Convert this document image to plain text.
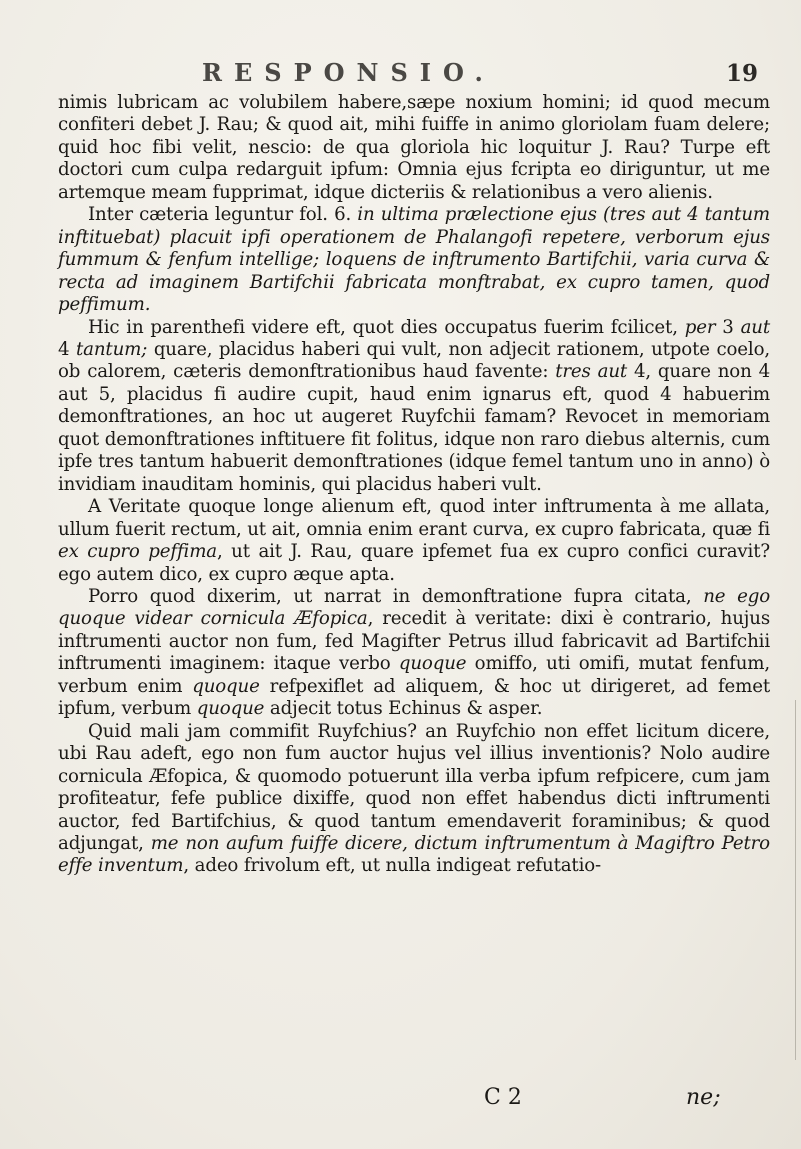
RESPONSIO.	19

nimis lubricam ac volubilem habere,sæpe noxium homini; id quod mecum confiteri debet J. Rau; & quod ait, mihi fuiffe in animo gloriolam fuam delere; quid hoc fibi velit, nescio: de qua gloriola hic loquitur J. Rau? Turpe eft doctori cum culpa redarguit ipfum: Omnia ejus fcripta eo diriguntur, ut me artemque meam fupprimat, idque dicteriis & relationibus a vero alienis.

Inter cæteria leguntur fol. 6. in ultima prælectione ejus (tres aut 4 tantum inftituebat) placuit ipfi operationem de Phalangofi repetere, verborum ejus fummum & fenfum intellige; loquens de inftrumento Bartifchii, varia curva & recta ad imaginem Bartifchii fabricata monftrabat, ex cupro tamen, quod peffimum.

Hic in parenthefi videre eft, quot dies occupatus fuerim fcilicet, per 3 aut 4 tantum; quare, placidus haberi qui vult, non adjecit rationem, utpote coelo, ob calorem, cæteris demonftrationibus haud favente: tres aut 4, quare non 4 aut 5, placidus fi audire cupit, haud enim ignarus eft, quod 4 habuerim demonftrationes, an hoc ut augeret Ruyfchii famam? Revocet in memoriam quot demonftrationes inftituere fit folitus, idque non raro diebus alternis, cum ipfe tres tantum habuerit demonftrationes (idque femel tantum uno in anno) ò invidiam inauditam hominis, qui placidus haberi vult.

A Veritate quoque longe alienum eft, quod inter inftrumenta à me allata, ullum fuerit rectum, ut ait, omnia enim erant curva, ex cupro fabricata, quæ fi ex cupro peffima, ut ait J. Rau, quare ipfemet fua ex cupro confici curavit? ego autem dico, ex cupro æque apta.

Porro quod dixerim, ut narrat in demonftratione fupra citata, ne ego quoque videar cornicula Æfopica, recedit à veritate: dixi è contrario, hujus inftrumenti auctor non fum, fed Magifter Petrus illud fabricavit ad Bartifchii inftrumenti imaginem: itaque verbo quoque omiffo, uti omifi, mutat fenfum, verbum enim quoque refpexiflet ad aliquem, & hoc ut dirigeret, ad femet ipfum, verbum quoque adjecit totus Echinus & asper.

Quid mali jam commifit Ruyfchius? an Ruyfchio non effet licitum dicere, ubi Rau adeft, ego non fum auctor hujus vel illius inventionis? Nolo audire cornicula Æfopica, & quomodo potuerunt illa verba ipfum refpicere, cum jam profiteatur, fefe publice dixiffe, quod non effet habendus dicti inftrumenti auctor, fed Bartifchius, & quod tantum emendaverit foraminibus; & quod adjungat, me non aufum fuiffe dicere, dictum inftrumentum à Magiftro Petro effe inventum, adeo frivolum eft, ut nulla indigeat refutatio-

C 2	ne;
